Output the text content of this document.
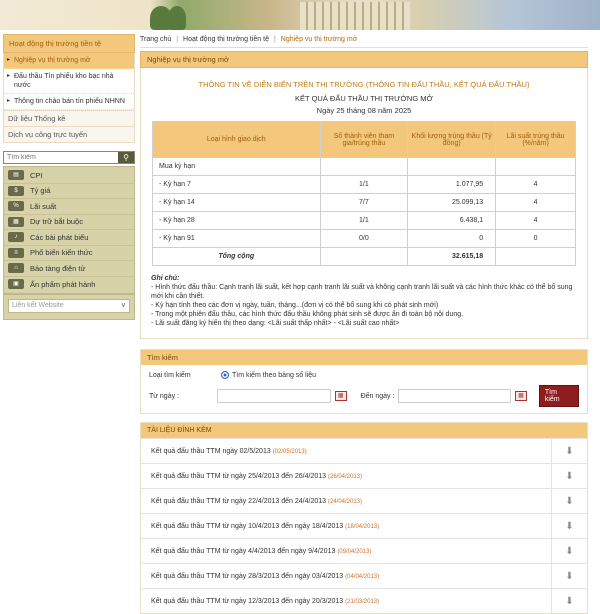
Hoạt động thị trường tiền tệ
▸ Nghiệp vụ thị trường mở
▸ Đấu thầu Tín phiếu kho bạc nhà nước
▸ Thông tin chào bán tín phiếu NHNN
Dữ liệu Thống kê
Dịch vụ công trực tuyến
Tìm kiếm
⚲
▤	CPI
$	Tỷ giá
%	Lãi suất
▦	Dự trữ bắt buộc
♪	Các bài phát biểu
≡	Phổ biến kiến thức
⌂	Bảo tàng điện tử
▣	Ấn phẩm phát hành
Liên kết Website	∨
Trang chủ | Hoạt động thị trường tiền tệ | Nghiệp vụ thị trường mở
Nghiệp vụ thị trường mở
THÔNG TIN VỀ DIỄN BIẾN TRÊN THỊ TRƯỜNG (THÔNG TIN ĐẤU THẦU, KẾT QUẢ ĐẤU THẦU)
KẾT QUẢ ĐẤU THẦU THỊ TRƯỜNG MỞ
Ngày 25 tháng 08 năm 2025
Loại hình giao dịch	Số thành viên tham gia/trúng thầu	Khối lượng trúng thầu (Tỷ đồng)	Lãi suất trúng thầu (%/năm)
Mua kỳ hạn			
- Kỳ hạn 7	1/1	1.077,95	4
- Kỳ hạn 14	7/7	25.099,13	4
- Kỳ hạn 28	1/1	6.438,1	4
- Kỳ hạn 91	0/0	0	0
Tổng cộng		32.615,18	
Ghi chú:
- Hình thức đấu thầu: Cạnh tranh lãi suất, kết hợp cạnh tranh lãi suất và không cạnh tranh lãi suất và các hình thức khác có thể bổ sung mới khi cần thiết.
- Kỳ hạn tính theo các đơn vị ngày, tuần, tháng...(đơn vị có thể bổ sung khi có phát sinh mới)
- Trong một phiên đấu thầu, các hình thức đấu thầu không phát sinh sẽ được ẩn đi toàn bộ nội dung.
- Lãi suất đăng ký hiển thị theo dạng: <Lãi suất thấp nhất> - <Lãi suất cao nhất>
Tìm kiếm
Loại tìm kiếm	Tìm kiếm theo bảng số liệu
Từ ngày :	▦	Đến ngày :	▦	Tìm kiếm
TÀI LIỆU ĐÍNH KÈM
Kết quả đấu thầu TTM ngày 02/5/2013 (02/05/2013)	⬇
Kết quả đấu thầu TTM từ ngày 25/4/2013 đến 26/4/2013 (26/04/2013)	⬇
Kết quả đấu thầu TTM từ ngày 22/4/2013 đến 24/4/2013 (24/04/2013)	⬇
Kết quả đấu thầu TTM từ ngày 10/4/2013 đến ngày 18/4/2013 (18/04/2013)	⬇
Kết quả đấu thầu TTM từ ngày 4/4/2013 đến ngày 9/4/2013 (09/04/2013)	⬇
Kết quả đấu thầu TTM từ ngày 28/3/2013 đến ngày 03/4/2013 (04/04/2013)	⬇
Kết quả đấu thầu TTM từ ngày 12/3/2013 đến ngày 20/3/2013 (21/03/2013)	⬇
